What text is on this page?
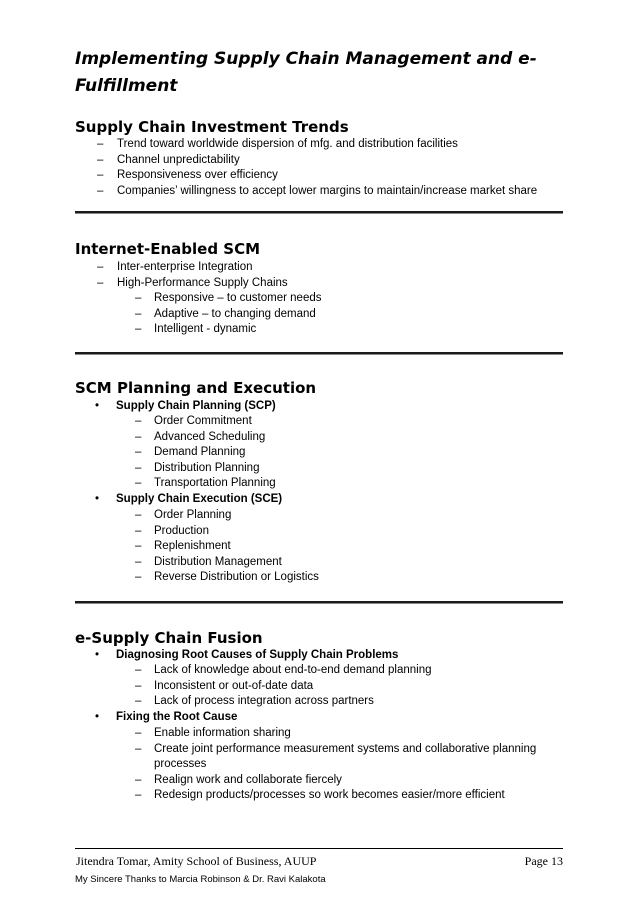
Implementing Supply Chain Management and e-Fulfillment
Supply Chain Investment Trends
– Trend toward worldwide dispersion of mfg. and distribution facilities
– Channel unpredictability
– Responsiveness over efficiency
– Companies’ willingness to accept lower margins to maintain/increase market share
Internet-Enabled SCM
– Inter-enterprise Integration
– High-Performance Supply Chains
– Responsive – to customer needs
– Adaptive – to changing demand
– Intelligent - dynamic
SCM Planning and Execution
• Supply Chain Planning (SCP)
– Order Commitment
– Advanced Scheduling
– Demand Planning
– Distribution Planning
– Transportation Planning
• Supply Chain Execution (SCE)
– Order Planning
– Production
– Replenishment
– Distribution Management
– Reverse Distribution or Logistics
e-Supply Chain Fusion
• Diagnosing Root Causes of Supply Chain Problems
– Lack of knowledge about end-to-end demand planning
– Inconsistent or out-of-date data
– Lack of process integration across partners
• Fixing the Root Cause
– Enable information sharing
– Create joint performance measurement systems and collaborative planning
processes
– Realign work and collaborate fiercely
– Redesign products/processes so work becomes easier/more efficient
Jitendra Tomar, Amity School of Business, AUUP	Page 13
My Sincere Thanks to Marcia Robinson & Dr. Ravi Kalakota
